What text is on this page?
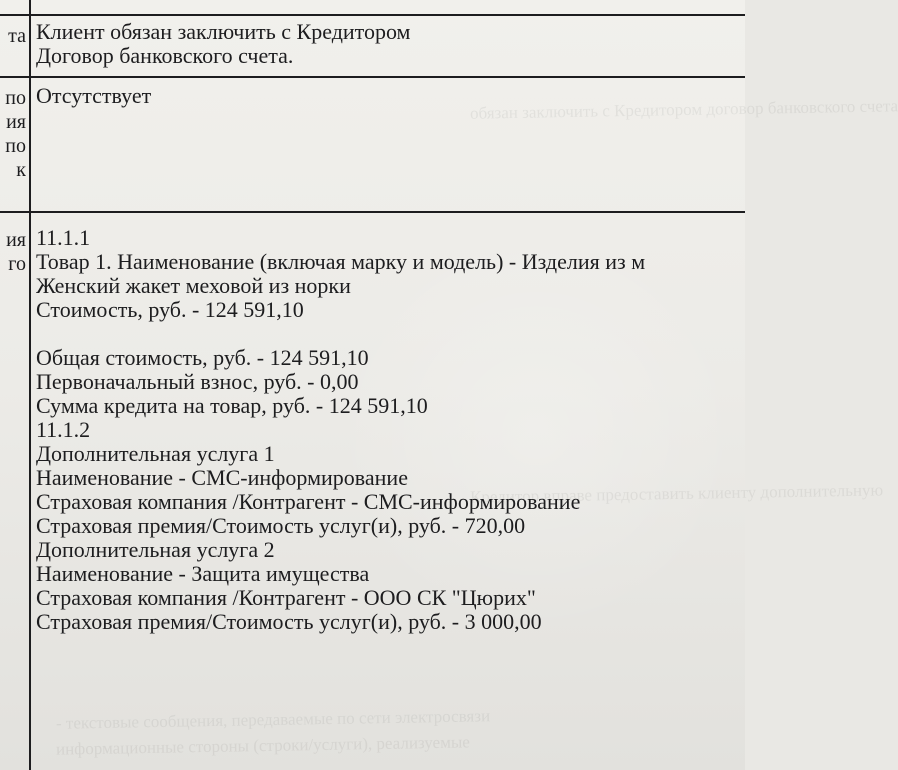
обязан заключить с Кредитором договор банковского счета
Кредитор вправе предоставить клиенту дополнительную
- текстовые сообщения, передаваемые по сети электросвязи
информационные стороны (строки/услуги), реализуемые
та
по
ия
по
к
ия
го
Клиент обязан заключить с Кредитором
Договор банковского счета.
Отсутствует
11.1.1
Товар 1. Наименование (включая марку и модель) - Изделия из м
Женский жакет меховой из норки
Стоимость, руб. - 124 591,10
Общая стоимость, руб. - 124 591,10
Первоначальный взнос, руб. - 0,00
Сумма кредита на товар, руб. - 124 591,10
11.1.2
Дополнительная услуга 1
Наименование - СМС-информирование
Страховая компания /Контрагент - СМС-информирование
Страховая премия/Стоимость услуг(и), руб. - 720,00
Дополнительная услуга 2
Наименование - Защита имущества
Страховая компания /Контрагент - ООО СК "Цюрих"
Страховая премия/Стоимость услуг(и), руб. - 3 000,00
